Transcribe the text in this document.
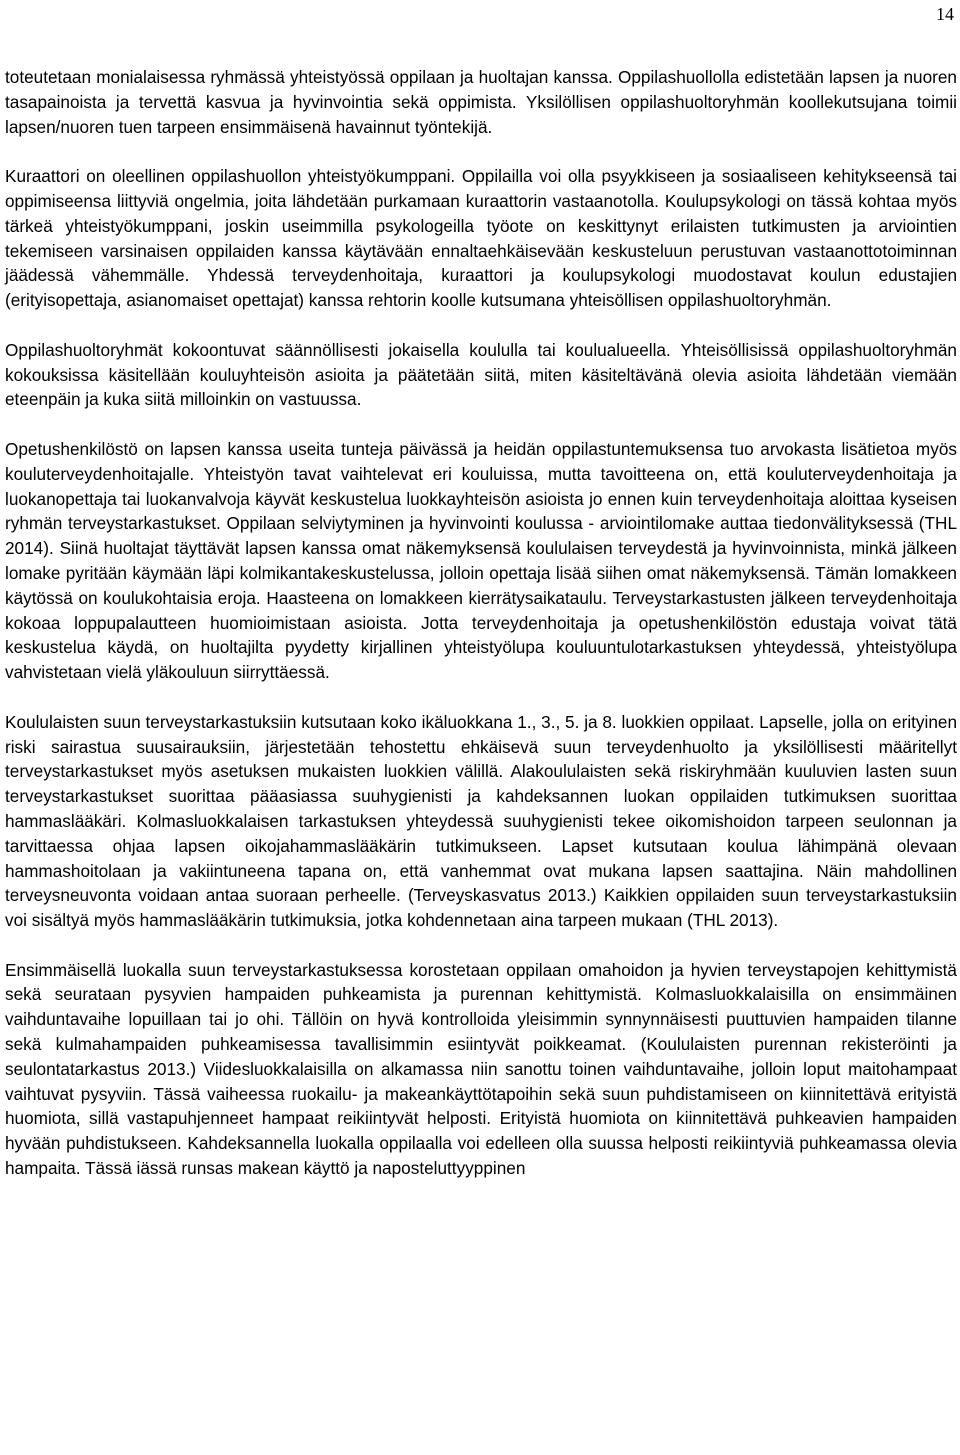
14

toteutetaan monialaisessa ryhmässä yhteistyössä oppilaan ja huoltajan kanssa. Oppilashuollolla edistetään lapsen ja nuoren tasapainoista ja tervettä kasvua ja hyvinvointia sekä oppimista. Yksilöllisen oppilashuoltoryhmän koollekutsujana toimii lapsen/nuoren tuen tarpeen ensimmäisenä havainnut työntekijä.

Kuraattori on oleellinen oppilashuollon yhteistyökumppani. Oppilailla voi olla psyykkiseen ja sosiaaliseen kehitykseensä tai oppimiseensa liittyviä ongelmia, joita lähdetään purkamaan kuraattorin vastaanotolla. Koulupsykologi on tässä kohtaa myös tärkeä yhteistyökumppani, joskin useimmilla psykologeilla työote on keskittynyt erilaisten tutkimusten ja arviointien tekemiseen varsinaisen oppilaiden kanssa käytävään ennaltaehkäisevään keskusteluun perustuvan vastaanottotoiminnan jäädessä vähemmälle. Yhdessä terveydenhoitaja, kuraattori ja koulupsykologi muodostavat koulun edustajien (erityisopettaja, asianomaiset opettajat) kanssa rehtorin koolle kutsumana yhteisöllisen oppilashuoltoryhmän.

Oppilashuoltoryhmät kokoontuvat säännöllisesti jokaisella koululla tai koulualueella. Yhteisöllisissä oppilashuoltoryhmän kokouksissa käsitellään kouluyhteisön asioita ja päätetään siitä, miten käsiteltävänä olevia asioita lähdetään viemään eteenpäin ja kuka siitä milloinkin on vastuussa.

Opetushenkilöstö on lapsen kanssa useita tunteja päivässä ja heidän oppilastuntemuksensa tuo arvokasta lisätietoa myös kouluterveydenhoitajalle. Yhteistyön tavat vaihtelevat eri kouluissa, mutta tavoitteena on, että kouluterveydenhoitaja ja luokanopettaja tai luokanvalvoja käyvät keskustelua luokkayhteisön asioista jo ennen kuin terveydenhoitaja aloittaa kyseisen ryhmän terveystarkastukset. Oppilaan selviytyminen ja hyvinvointi koulussa - arviointilomake auttaa tiedonvälityksessä (THL 2014). Siinä huoltajat täyttävät lapsen kanssa omat näkemyksensä koululaisen terveydestä ja hyvinvoinnista, minkä jälkeen lomake pyritään käymään läpi kolmikantakeskustelussa, jolloin opettaja lisää siihen omat näkemyksensä. Tämän lomakkeen käytössä on koulukohtaisia eroja. Haasteena on lomakkeen kierrätysaikataulu. Terveystarkastusten jälkeen terveydenhoitaja kokoaa loppupalautteen huomioimistaan asioista. Jotta terveydenhoitaja ja opetushenkilöstön edustaja voivat tätä keskustelua käydä, on huoltajilta pyydetty kirjallinen yhteistyölupa kouluuntulotarkastuksen yhteydessä, yhteistyölupa vahvistetaan vielä yläkouluun siirryttäessä.

Koululaisten suun terveystarkastuksiin kutsutaan koko ikäluokkana 1., 3., 5. ja 8. luokkien oppilaat. Lapselle, jolla on erityinen riski sairastua suusairauksiin, järjestetään tehostettu ehkäisevä suun terveydenhuolto ja yksilöllisesti määritellyt terveystarkastukset myös asetuksen mukaisten luokkien välillä. Alakoululaisten sekä riskiryhmään kuuluvien lasten suun terveystarkastukset suorittaa pääasiassa suuhygienisti ja kahdeksannen luokan oppilaiden tutkimuksen suorittaa hammaslääkäri. Kolmasluokkalaisen tarkastuksen yhteydessä suuhygienisti tekee oikomishoidon tarpeen seulonnan ja tarvittaessa ohjaa lapsen oikojahammaslääkärin tutkimukseen. Lapset kutsutaan koulua lähimpänä olevaan hammashoitolaan ja vakiintuneena tapana on, että vanhemmat ovat mukana lapsen saattajina. Näin mahdollinen terveysneuvonta voidaan antaa suoraan perheelle. (Terveyskasvatus 2013.) Kaikkien oppilaiden suun terveystarkastuksiin voi sisältyä myös hammaslääkärin tutkimuksia, jotka kohdennetaan aina tarpeen mukaan (THL 2013).

Ensimmäisellä luokalla suun terveystarkastuksessa korostetaan oppilaan omahoidon ja hyvien terveystapojen kehittymistä sekä seurataan pysyvien hampaiden puhkeamista ja purennan kehittymistä. Kolmasluokkalaisilla on ensimmäinen vaihduntavaihe lopuillaan tai jo ohi. Tällöin on hyvä kontrolloida yleisimmin synnynnäisesti puuttuvien hampaiden tilanne sekä kulmahampaiden puhkeamisessa tavallisimmin esiintyvät poikkeamat. (Koululaisten purennan rekisteröinti ja seulontatarkastus 2013.) Viidesluokkalaisilla on alkamassa niin sanottu toinen vaihduntavaihe, jolloin loput maitohampaat vaihtuvat pysyviin. Tässä vaiheessa ruokailu- ja makeankäyttötapoihin sekä suun puhdistamiseen on kiinnitettävä erityistä huomiota, sillä vastapuhjenneet hampaat reikiintyvät helposti. Erityistä huomiota on kiinnitettävä puhkeavien hampaiden hyvään puhdistukseen. Kahdeksannella luokalla oppilaalla voi edelleen olla suussa helposti reikiintyviä puhkeamassa olevia hampaita. Tässä iässä runsas makean käyttö ja naposteluttyyppinen
